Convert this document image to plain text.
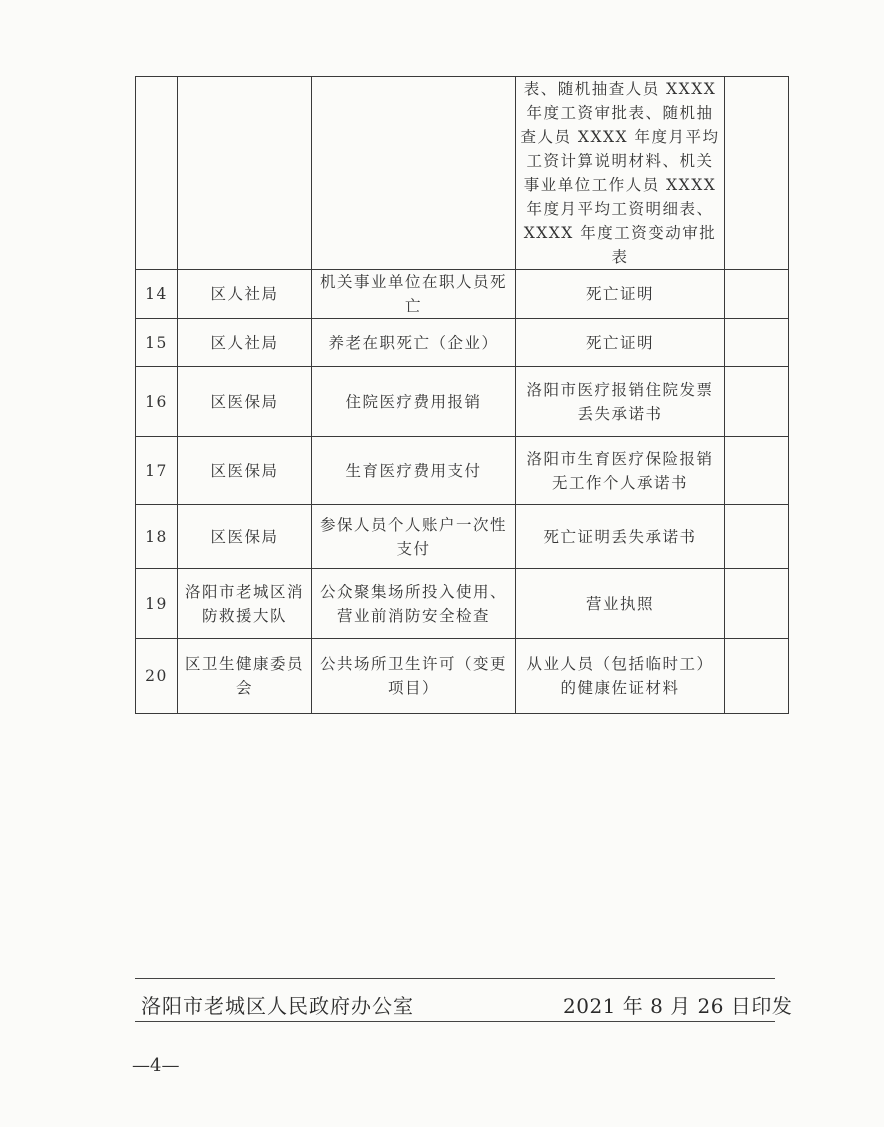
			表、随机抽查人员 XXXX 年度工资审批表、随机抽查人员 XXXX 年度月平均工资计算说明材料、机关事业单位工作人员 XXXX 年度月平均工资明细表、XXXX 年度工资变动审批表	
14	区人社局	机关事业单位在职人员死亡	死亡证明	
15	区人社局	养老在职死亡（企业）	死亡证明	
16	区医保局	住院医疗费用报销	洛阳市医疗报销住院发票丢失承诺书	
17	区医保局	生育医疗费用支付	洛阳市生育医疗保险报销无工作个人承诺书	
18	区医保局	参保人员个人账户一次性支付	死亡证明丢失承诺书	
19	洛阳市老城区消防救援大队	公众聚集场所投入使用、营业前消防安全检查	营业执照	
20	区卫生健康委员会	公共场所卫生许可（变更项目）	从业人员（包括临时工）的健康佐证材料	
洛阳市老城区人民政府办公室	2021 年 8 月 26 日印发
—4—
